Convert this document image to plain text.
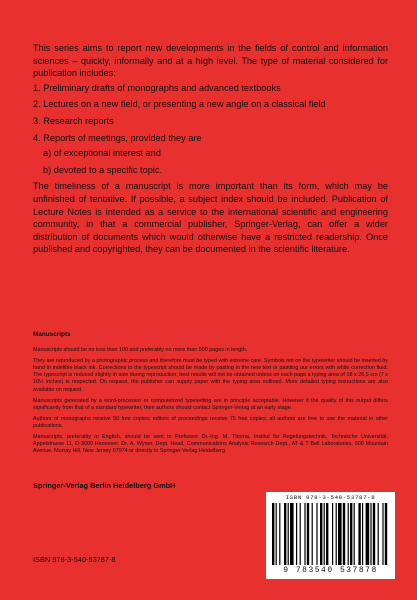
This series aims to report new developments in the fields of control and information sciences – quickly, informally and at a high level. The type of material considered for publication includes:

1. Preliminary drafts of monographs and advanced textbooks
2. Lectures on a new field, or presenting a new angle on a classical field
3. Research reports
4. Reports of meetings, provided they are
a) of exceptional interest and
b) devoted to a specific topic.

The timeliness of a manuscript is more important than its form, which may be unfinished of tentative. If possible, a subject index should be included. Publication of Lecture Notes is intended as a service to the international scientific and engineering community, in that a commercial publisher, Springer-Verlag, can offer a wider distribution of documents which would otherwise have a restricted readership. Once published and copyrighted, they can be documented in the scientific literature.

Manuscripts

Manuscripts should be no less than 100 and preferably no more than 500 pages in length.

They are reproduced by a photographic process and therefore must be typed with extreme care. Symbols not on the typewriter should be inserted by hand in indelible black ink. Corrections to the typescript should be made by pasting in the new text or painting our errors with white correction fluid. The typescript is reduced slightly in size during reproduction; best results will not be obtained unless on each page a typing area of 18 x 26,5 cm (7 x 10½ inches) is respected. On request, the publisher can supply paper with the typing area outlined. More detailed typing instructions are also available on request.

Manuscripts generated by a word-processor or computerized typesetting are in principle acceptable. However if the quality of this output differs significantly from that of a standard typewriter, then authors should contact Springer-Verlag at an early stage.

Authors of monographs receive 50 free copies; editors of proceedings receive 75 free copies; all authors are free to use the material in other publications.

Manuscripts, preferably in English, should be sent to Professor Dr.-Ing. M. Thoma, Institut für Regelungstechnik, Technische Universität, Appelstrasse 11, D-3000 Hannover, Dr. A. Wyner, Dept. Head, Communications Analysis Research Dept., AT & T Bell Laboratories, 600 Mountain Avenue, Murray Hill, New Jersey 07974 or directly to Springer-Verlag Heidelberg.

Springer-Verlag Berlin Heidelberg GmbH
ISBN 978-3-540-53787-8
ISBN 978-3-540-53787-8
9 783540 537878
